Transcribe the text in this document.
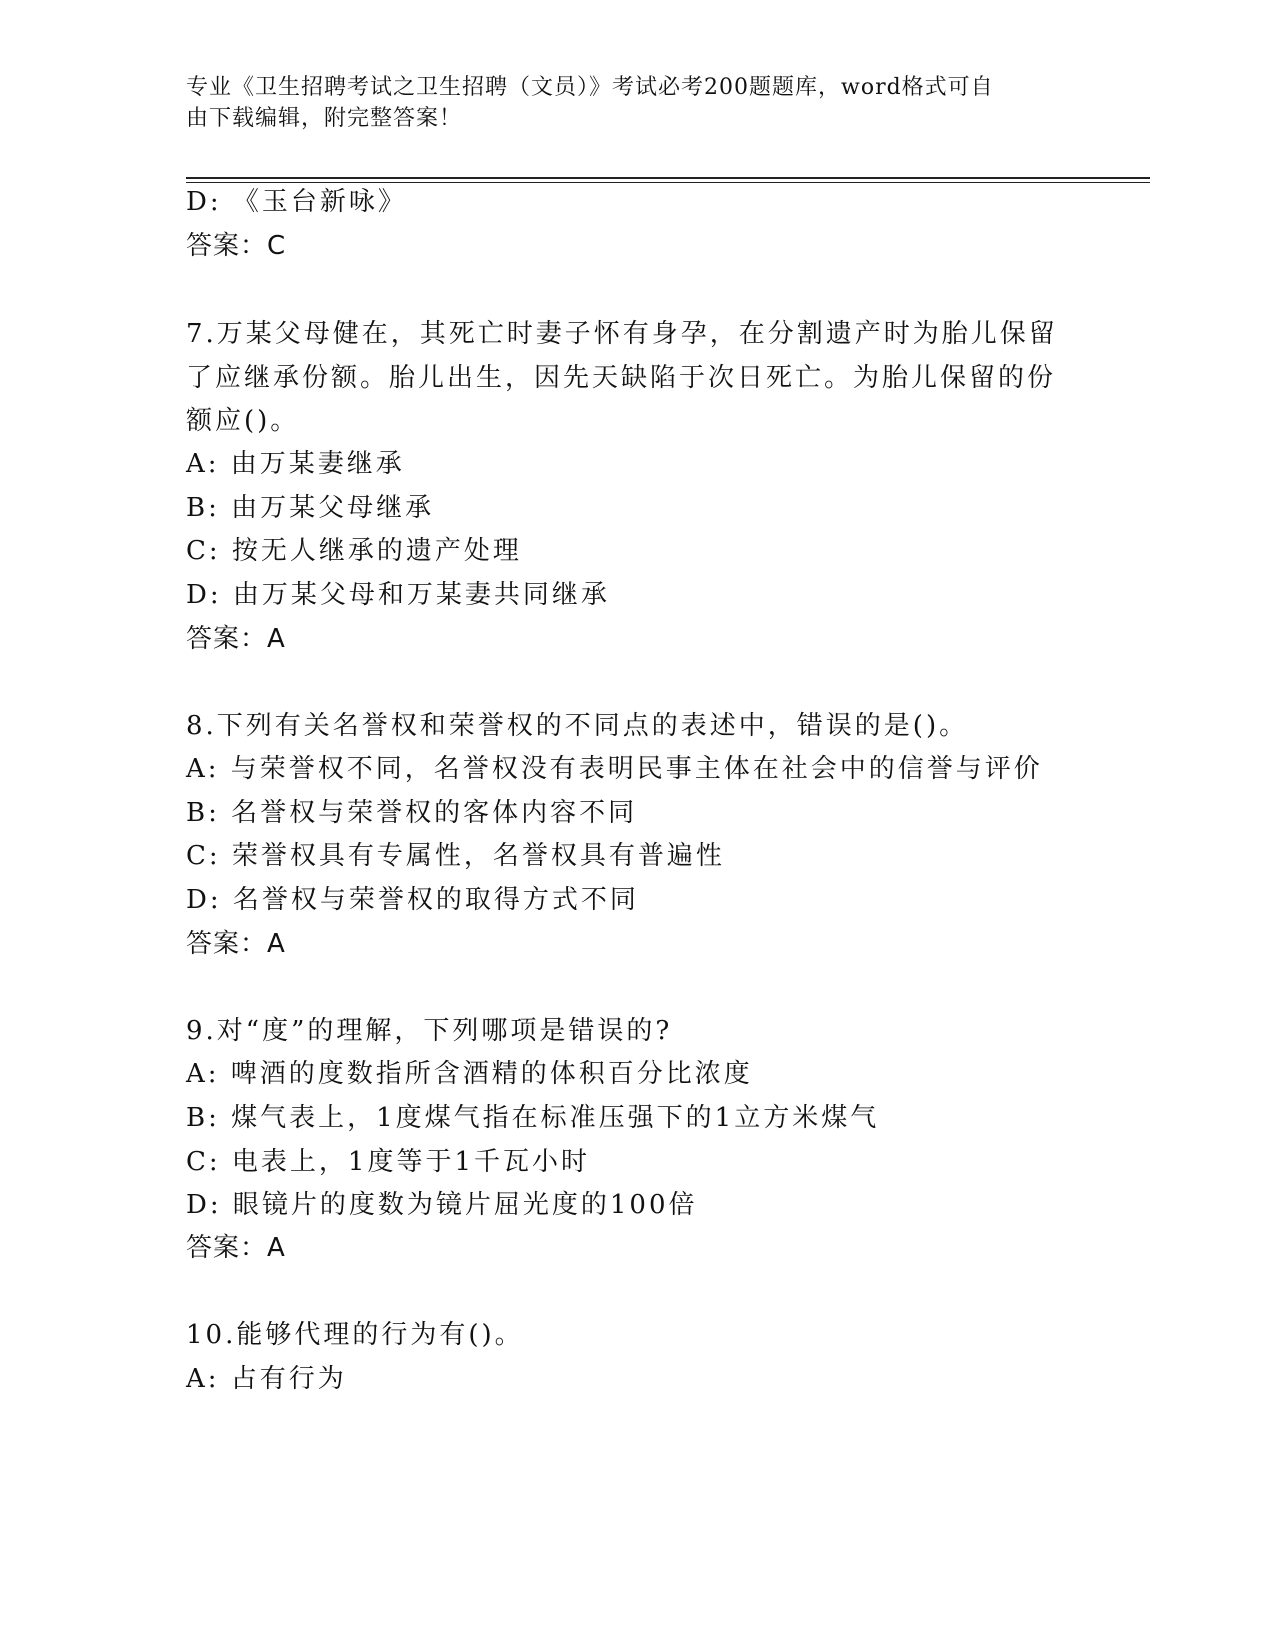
专业《卫生招聘考试之卫生招聘（文员）》考试必考200题题库，word格式可自
由下载编辑，附完整答案！
D: 《玉台新咏》
答案：C
7.万某父母健在，其死亡时妻子怀有身孕，在分割遗产时为胎儿保留
了应继承份额。胎儿出生，因先天缺陷于次日死亡。为胎儿保留的份
额应()。
A: 由万某妻继承
B: 由万某父母继承
C: 按无人继承的遗产处理
D: 由万某父母和万某妻共同继承
答案：A
8.下列有关名誉权和荣誉权的不同点的表述中，错误的是()。
A: 与荣誉权不同，名誉权没有表明民事主体在社会中的信誉与评价
B: 名誉权与荣誉权的客体内容不同
C: 荣誉权具有专属性，名誉权具有普遍性
D: 名誉权与荣誉权的取得方式不同
答案：A
9.对“度”的理解，下列哪项是错误的?
A: 啤酒的度数指所含酒精的体积百分比浓度
B: 煤气表上，1度煤气指在标准压强下的1立方米煤气
C: 电表上，1度等于1千瓦小时
D: 眼镜片的度数为镜片屈光度的100倍
答案：A
10.能够代理的行为有()。
A: 占有行为
